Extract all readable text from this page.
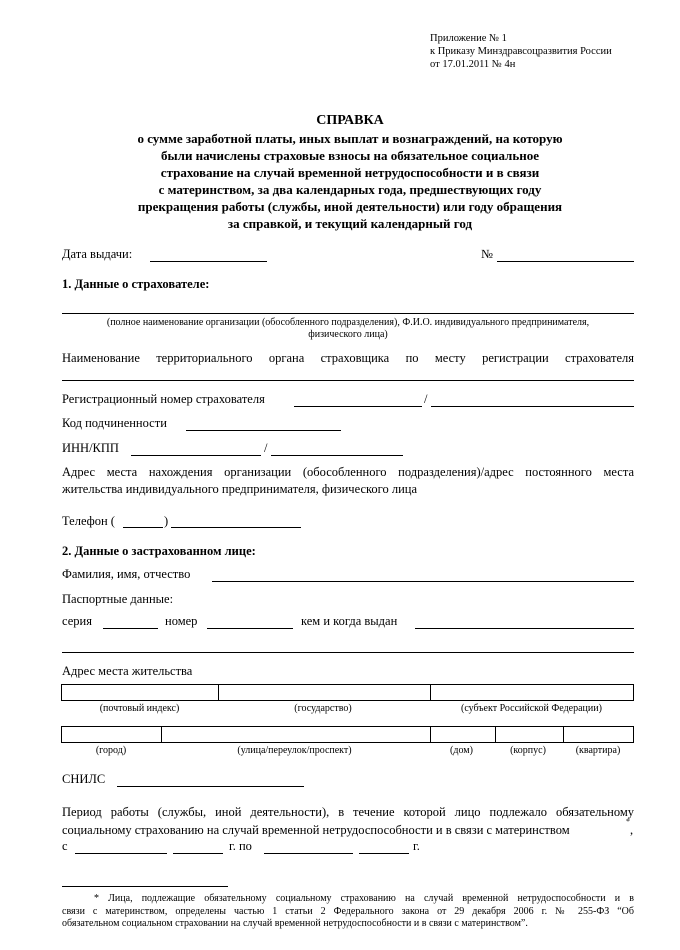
Приложение № 1
к Приказу Минздравсоцразвития России
от 17.01.2011 № 4н
СПРАВКА
о сумме заработной платы, иных выплат и вознаграждений, на которую
были начислены страховые взносы на обязательное социальное
страхование на случай временной нетрудоспособности и в связи
с материнством, за два календарных года, предшествующих году
прекращения работы (службы, иной деятельности) или году обращения
за справкой, и текущий календарный год
Дата выдачи:	№
1. Данные о страхователе:
(полное наименование организации (обособленного подразделения), Ф.И.О. индивидуального предпринимателя,
физического лица)
Наименование территориального органа страховщика по месту регистрации страхователя
Регистрационный номер страхователя	/
Код подчиненности
ИНН/КПП	/
Адрес места нахождения организации (обособленного подразделения)/адрес постоянного места
жительства индивидуального предпринимателя, физического лица
Телефон (	)
2. Данные о застрахованном лице:
Фамилия, имя, отчество
Паспортные данные:
серия	номер	кем и когда выдан
Адрес места жительства
(почтовый индекс)	(государство)	(субъект Российской Федерации)
(город)	(улица/переулок/проспект)	(дом)	(корпус)	(квартира)
СНИЛС
Период работы (службы, иной деятельности), в течение которой лицо подлежало обязательному
социальному страхованию на случай временной нетрудоспособности и в связи с материнством
*
,
с	г. по	г.
* Лица, подлежащие обязательному социальному страхованию на случай временной нетрудоспособности и в
связи с материнством, определены частью 1 статьи 2 Федерального закона от 29 декабря 2006 г. № 255-ФЗ “Об
обязательном социальном страховании на случай временной нетрудоспособности и в связи с материнством”.
